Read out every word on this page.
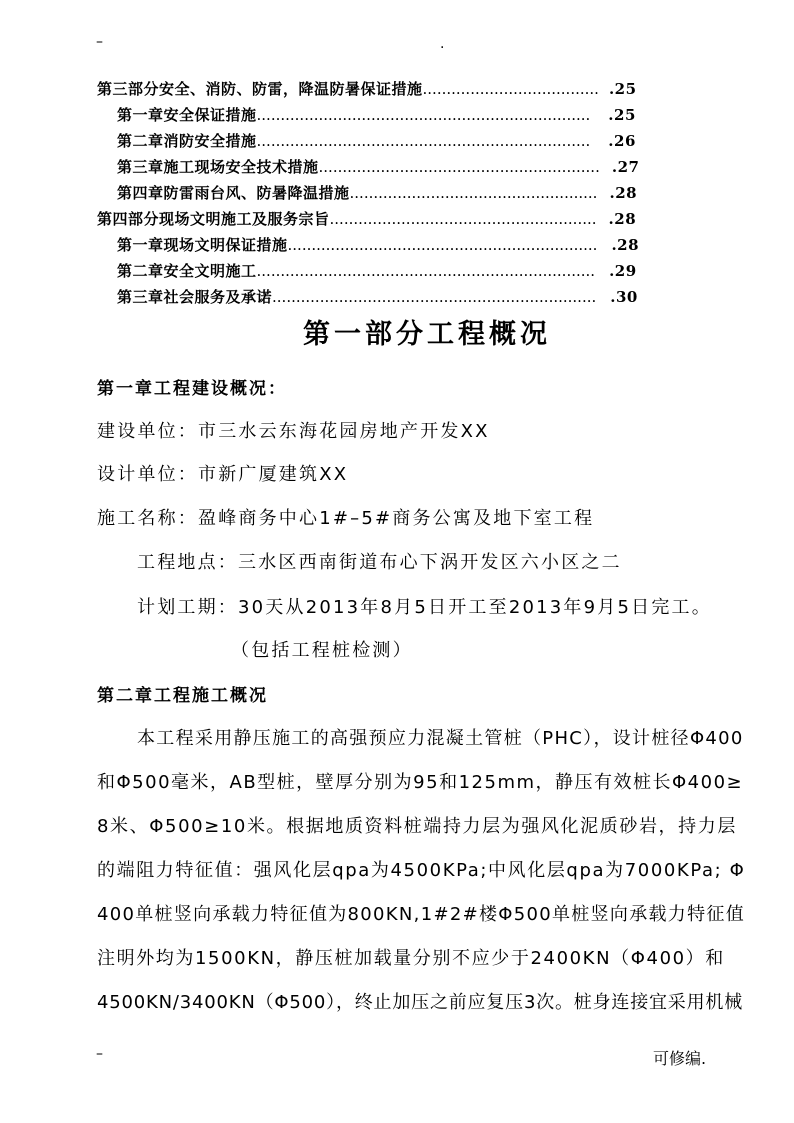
–	.
第三部分安全、消防、防雷，降温防暑保证措施..................................... .25
第一章安全保证措施...................................................................... .25
第二章消防安全措施...................................................................... .26
第三章施工现场安全技术措施........................................................... .27
第四章防雷雨台风、防暑降温措施.................................................... .28
第四部分现场文明施工及服务宗旨........................................................ .28
第一章现场文明保证措施................................................................. .28
第二章安全文明施工....................................................................... .29
第三章社会服务及承诺.................................................................... .30
第一部分工程概况
第一章工程建设概况：
建设单位：市三水云东海花园房地产开发XX
设计单位：市新广厦建筑XX
施工名称：盈峰商务中心1#–5#商务公寓及地下室工程
工程地点：三水区西南街道布心下涡开发区六小区之二
计划工期：30天从2013年8月5日开工至2013年9月5日完工。
（包括工程桩检测）
第二章工程施工概况
本工程采用静压施工的高强预应力混凝土管桩（PHC），设计桩径Φ400
和Φ500毫米，AB型桩，壁厚分别为95和125mm，静压有效桩长Φ400≥
8米、Φ500≥10米。根据地质资料桩端持力层为强风化泥质砂岩，持力层
的端阻力特征值：强风化层qpa为4500KPa;中风化层qpa为7000KPa; Φ
400单桩竖向承载力特征值为800KN,1#2#楼Φ500单桩竖向承载力特征值
注明外均为1500KN，静压桩加载量分别不应少于2400KN（Φ400）和
4500KN/3400KN（Φ500），终止加压之前应复压3次。桩身连接宜采用机械
–	可修编.
